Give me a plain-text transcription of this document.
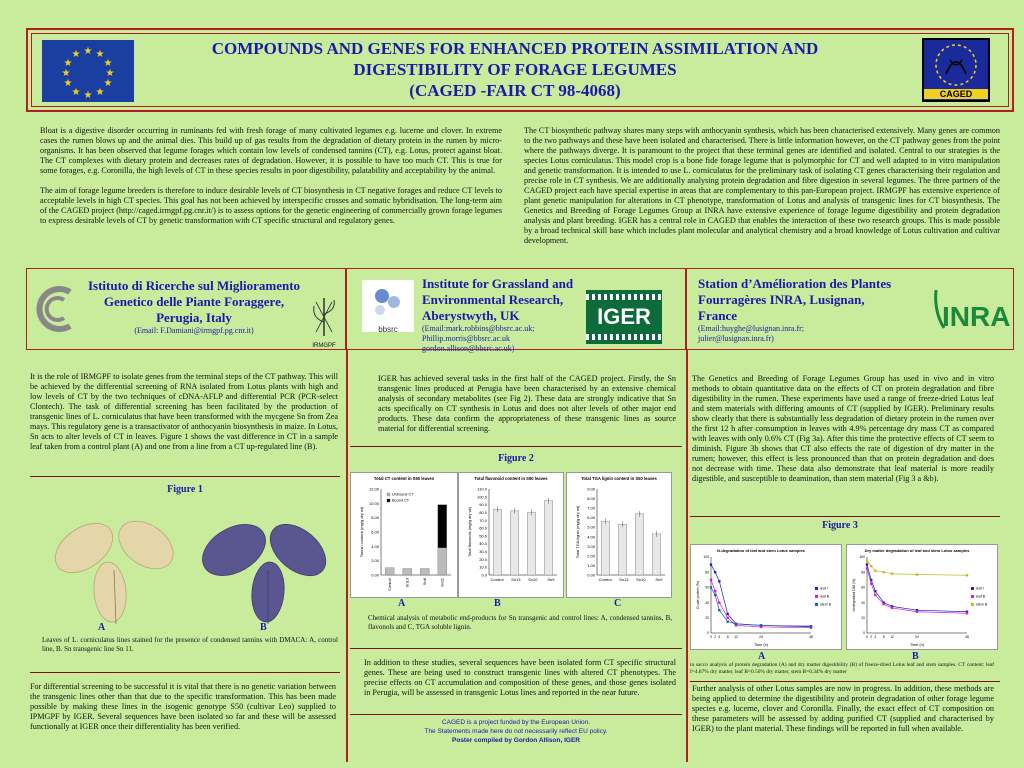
★ ★
★
★
★
★
★
★
★
★
★
★	COMPOUNDS AND GENES FOR ENHANCED PROTEIN ASSIMILATION AND
DIGESTIBILITY OF FORAGE LEGUMES
(CAGED -FAIR CT 98-4068)	CAGED

Bloat is a digestive disorder occurring in ruminants fed with fresh forage of many cultivated legumes e.g. lucerne and clover. In extreme cases the rumen blows up and the animal dies. This build up of gas results from the degradation of dietary protein in the rumen by micro-organisms. It has been observed that legume forages which contain low levels of condensed tannins (CT), e.g. Lotus, protect against bloat. The CT complexes with dietary protein and decreases rates of degradation. However, it is possible to have too much CT. This is true for some forages, e.g. Coronilla, the high levels of CT in these species results in poor digestibility, palatability and acceptability by the animal.

The aim of forage legume breeders is therefore to induce desirable levels of CT biosynthesis in CT negative forages and reduce CT levels to acceptable levels in high CT species. This goal has not been achieved by interspecific crosses and somatic hybridisation. The long-term aim of the CAGED project (http://caged.irmgpf.pg.cnr.it/) is to assess options for the genetic engineering of commercially grown forage legumes to express desirable levels of CT by genetic transformation with CT specific structural and regulatory genes.

The CT biosynthetic pathway shares many steps with anthocyanin synthesis, which has been characterised extensively. Many genes are common to the two pathways and these have been isolated and characterised. There is little information however, on the CT pathway genes from the point where the pathways diverge. It is paramount to the project that these terminal genes are identified and isolated. Central to our strategies is the species Lotus corniculatus. This model crop is a bone fide forage legume that is polymorphic for CT and well adapted to in vitro manipulation and genetic transformation. It is intended to use L. corniculatus for the preliminary task of isolating CT genes characterising their regulation and precise role in CT synthesis. We are additionally analysing protein degradation and fibre digestion in several legumes. The three partners of the CAGED project each have special expertise in areas that are complementary to this pan-European project. IRMGPF has extensive experience of plant genetic manipulation for alterations in CT phenotype, transformation of Lotus and analysis of transgenic lines for CT biosynthesis. The Genetics and Breeding of Forage Legumes Group at INRA have extensive experience of forage legume digestibility and protein degradation analysis and plant breeding. IGER has a central role in CAGED that enables the interaction of these two research groups. This is made possible by a broad technical skill base which includes plant molecular and analytical chemistry and a broad knowledge of Lotus cultivation and cultivar development.

Istituto di Ricerche sul Miglioramento
Genetico delle Piante Foraggere,
Perugia, Italy
(Email: F.Damiani@irmgpf.pg.cnr.it)
IRMGPF
It is the role of IRMGPF to isolate genes from the terminal steps of the CT pathway. This will be achieved by the differential screening of RNA isolated from Lotus plants with high and low levels of CT by the two techniques of cDNA-AFLP and differential PCR (PCR-select Clontech). The task of differential screening has been facilitated by the production of transgenic lines of L. corniculatus that have been transformed with the mycgene Sn from Zea mays. This regulatory gene is a transactivator of anthocyanin biosynthesis in maize. In Lotus, Sn acts to alter levels of CT in leaves. Figure 1 shows the vast difference in CT in a sample leaf taken from a control plant (A) and one from a line from a CT up-regulated line (B).
Figure 1
A	B
Leaves of L. corniculatus lines stained for the presence of condensed tannins with DMACA: A, control line, B. Sn transgenic line Sn 11.
For differential screening to be successful it is vital that there is no genetic variation between the transgenic lines other than that due to the specific transformation. This has been made possible by making these lines in the isogenic genotype S50 (cultivar Leo) supplied to IPMGPF by IGER. Several sequences have been isolated so far and these will be assessed functionally at IGER once their differentiality has been verified.
bbsrc
Institute for Grassland and
Environmental Research,
Aberystwyth, UK
(Email:mark.robbins@bbsrc.ac.uk;
Phillip.morris@bbsrc.ac.uk
gordon.allison@bbsrc.ac.uk)
IGER
IGER has achieved several tasks in the first half of the CAGED project. Firstly, the Sn transgenic lines produced at Perugia have been characterised by an extensive chemical analysis of secondary metabolites (see Fig 2). These data are strongly indicative that Sn acts specifically on CT synthesis in Lotus and does not alter levels of other major end products. These data confirm the appropriateness of these transgenic lines as source material for differential screening.
Figure 2
Total CT content in S50 leaves
0.00
2.00
4.00
6.00
8.00
10.00
12.00
Tannin content (mg/g dry wt)
Control	Sn13	Sn8	Sn11
Unbound CT
Bound CT
Total flavonoid content in S50 leaves
0.0
10.0
20.0
30.0
40.0
50.0
60.0
70.0
80.0
90.0
100.0
110.0
Total flavonols (mg/g dry wt)
Control Sn13 Sn10 Sn9
Total TGA lignin content in S50 leaves
0.00
1.00
2.00
3.00
4.00
5.00
6.00
7.00
8.00
9.00
Total TGA lignin (mg/g dry wt)
Control Sn13 Sn10 Sn9
A	B	C
Chemical analysis of metabolic end-products for Sn transgenic and control lines: A, condensed tannins, B, flavonols and C, TGA soluble lignin.
In addition to these studies, several sequences have been isolated form CT specific structural genes. These are being used to construct transgenic lines with altered CT phenotypes. The precise effects on CT accumulation and composition of these genes, and those genes isolated in Perugia, will be assessed in transgenic Lotus lines and reported in the near future.
CAGED is a project funded by the European Union.
The Statements made here do not necessarily reflect EU policy.
Poster compiled by Gordon Allison, IGER
Station d’Amélioration des Plantes
Fourragères INRA, Lusignan,
France
(Email:huyghe@lusignan.inra.fr;
julier@lusignan.inra.fr)
INRA
The Genetics and Breeding of Forage Legumes Group has used in vivo and in vitro methods to obtain quantitative data on the effects of CT on protein degradation and fibre digestibility in the rumen. These experiments have used a range of freeze-dried Lotus leaf and stem materials with differing amounts of CT (supplied by IGER). Preliminary results show clearly that there is substantially less degradation of dietary protein in the rumen over the first 12 h after consumption in leaves with 4.9% percentage dry mass CT as compared with leaves with only 0.6% CT (Fig 3a). After this time the protective effects of CT seem to diminish. Figure 3b shows that CT also effects the rate of digestion of dry matter in the rumen; however, this effect is less pronounced than that on protein degradation and does not decrease with time. These data also demonstrate that leaf material is more readily digestible, and susceptible to deamination, than stem material (Fig 3 a &b).
Figure 3
N-degradation of leaf and stem Lotus samples
Time (h)
Crude protein (%)
0 2 4 8 12	24	48
0
20
40
60
80
100
leaf I
leaf B
stem B
Dry matter degradation of leaf and stem Lotus samples
Time (h)
Undegraded DM (%)
0 2 4 8 12	24	48
0
20
40
60
80
100
leaf I
leaf B
stem B
A	B
in sacco analysis of protein degradation (A) and dry matter digestibility (B) of freeze-dried Lotus leaf and stem samples. CT content: leaf I=4.87% dry matter, leaf B=0.56% dry matter, stem B=0.34% dry matter
Further analysis of other Lotus samples are now in progress. In addition, these methods are being applied to determine the digestibility and protein degradation of other forage legume species e.g. lucerne, clover and Coronilla. Finally, the exact effect of CT composition on these parameters will be assessed by adding purified CT (supplied and characterised by IGER) to the plant material. These findings will be reported in full when available.
